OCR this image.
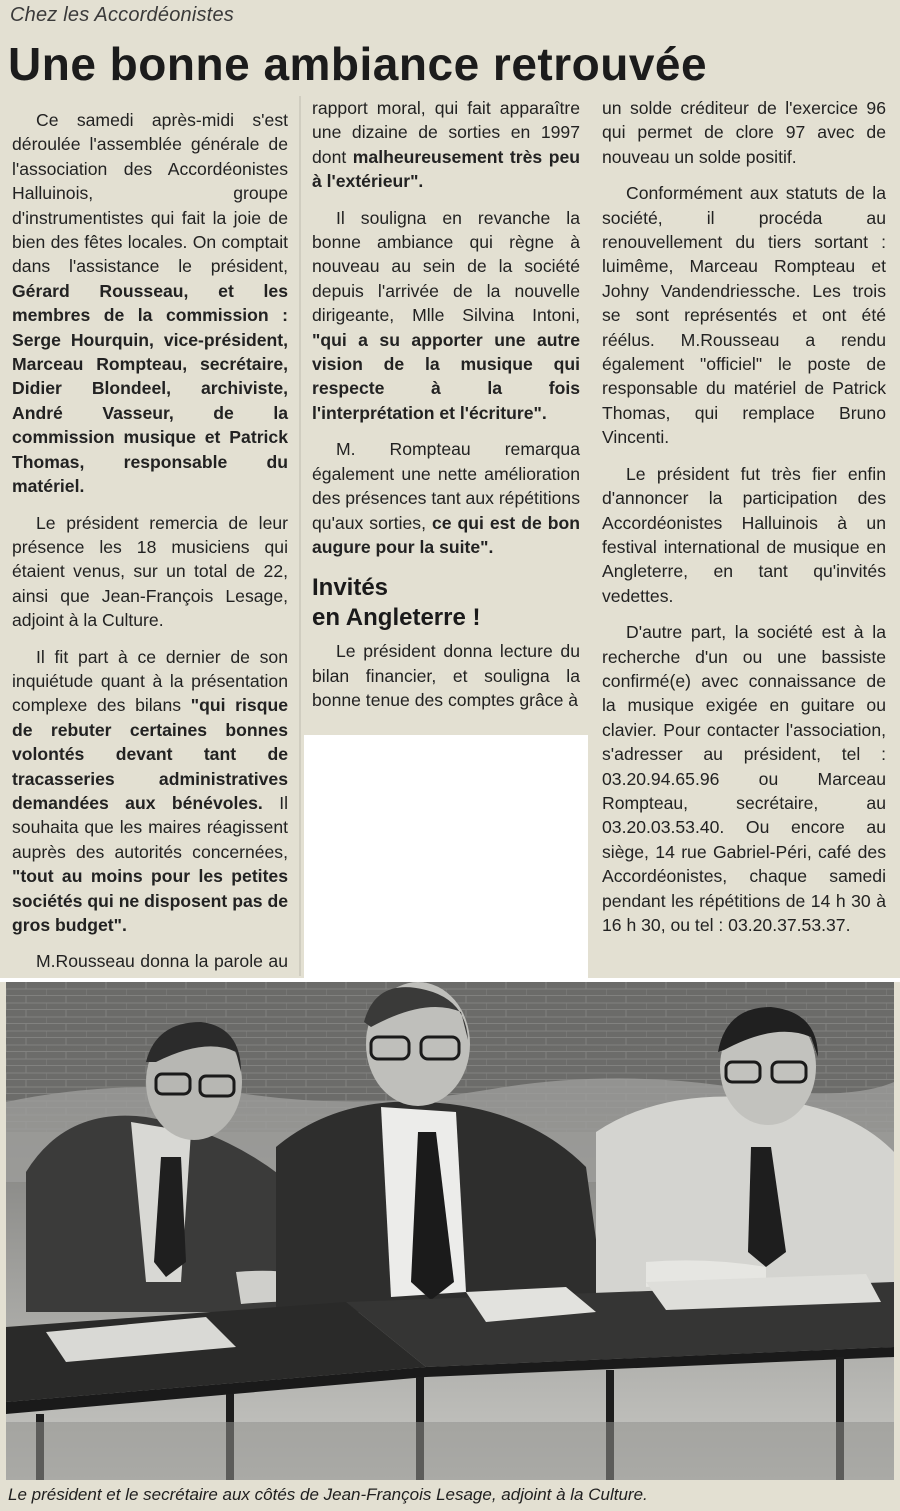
Chez les Accordéonistes
Une bonne ambiance retrouvée

Ce samedi après-midi s'est déroulée l'assemblée générale de l'association des Accordéonistes Halluinois, groupe d'instrumentistes qui fait la joie de bien des fêtes locales. On comptait dans l'assistance le président, Gérard Rousseau, et les membres de la commission : Serge Hourquin, vice-président, Marceau Rompteau, secrétaire, Didier Blondeel, archiviste, André Vasseur, de la commission musique et Patrick Thomas, responsable du matériel.

Le président remercia de leur présence les 18 musiciens qui étaient venus, sur un total de 22, ainsi que Jean-François Lesage, adjoint à la Culture.

Il fit part à ce dernier de son inquiétude quant à la présentation complexe des bilans "qui risque de rebuter certaines bonnes volontés devant tant de tracasseries administratives demandées aux bénévoles. Il souhaita que les maires réagissent auprès des autorités concernées, "tout au moins pour les petites sociétés qui ne disposent pas de gros budget".

M.Rousseau donna la parole au

rapport moral, qui fait apparaître une dizaine de sorties en 1997 dont malheureusement très peu à l'extérieur".

Il souligna en revanche la bonne ambiance qui règne à nouveau au sein de la société depuis l'arrivée de la nouvelle dirigeante, Mlle Silvina Intoni, "qui a su apporter une autre vision de la musique qui respecte à la fois l'interprétation et l'écriture".

M. Rompteau remarqua également une nette amélioration des présences tant aux répétitions qu'aux sorties, ce qui est de bon augure pour la suite".

Invités
en Angleterre !

Le président donna lecture du bilan financier, et souligna la bonne tenue des comptes grâce à

un solde créditeur de l'exercice 96 qui permet de clore 97 avec de nouveau un solde positif.

Conformément aux statuts de la société, il procéda au renouvellement du tiers sortant : luimême, Marceau Rompteau et Johny Vandendriessche. Les trois se sont représentés et ont été réélus. M.Rousseau a rendu également "officiel" le poste de responsable du matériel de Patrick Thomas, qui remplace Bruno Vincenti.

Le président fut très fier enfin d'annoncer la participation des Accordéonistes Halluinois à un festival international de musique en Angleterre, en tant qu'invités vedettes.

D'autre part, la société est à la recherche d'un ou une bassiste confirmé(e) avec connaissance de la musique exigée en guitare ou clavier. Pour contacter l'association, s'adresser au président, tel : 03.20.94.65.96 ou Marceau Rompteau, secrétaire, au 03.20.03.53.40. Ou encore au siège, 14 rue Gabriel-Péri, café des Accordéonistes, chaque samedi pendant les répétitions de 14 h 30 à 16 h 30, ou tel : 03.20.37.53.37.

Le président et le secrétaire aux côtés de Jean-François Lesage, adjoint à la Culture.
